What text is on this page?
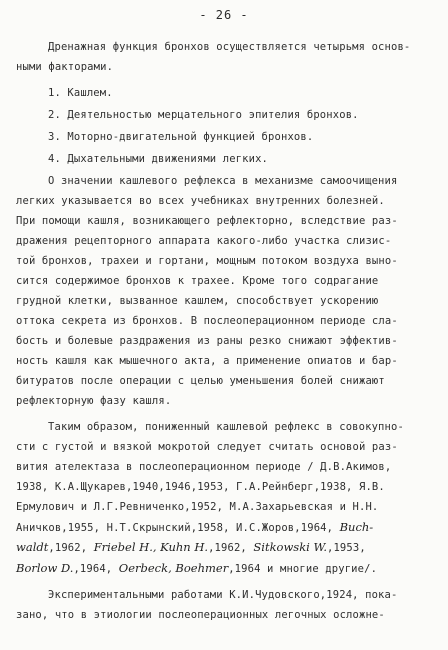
- 26 -
Дренажная функция бронхов осуществляется четырьмя основ-
ными факторами.
1. Кашлем.
2. Деятельностью мерцательного эпителия бронхов.
3. Моторно-двигательной функцией бронхов.
4. Дыхательными движениями легких.
О значении кашлевого рефлекса в механизме самоочищения
легких указывается во всех учебниках внутренних болезней.
При помощи кашля, возникающего рефлекторно, вследствие раз-
дражения рецепторного аппарата какого-либо участка слизис-
той бронхов, трахеи и гортани, мощным потоком воздуха выно-
сится содержимое бронхов к трахее. Кроме того содрагание
грудной клетки, вызванное кашлем, способствует ускорению
оттока секрета из бронхов. В послеоперационном периоде сла-
бость и болевые раздражения из раны резко снижают эффектив-
ность кашля как мышечного акта, а применение опиатов и бар-
битуратов после операции с целью уменьшения болей снижают
рефлекторную фазу кашля.
Таким образом, пониженный кашлевой рефлекс в совокупно-
сти с густой и вязкой мокротой следует считать основой раз-
вития ателектаза в послеоперационном периоде / Д.В.Акимов,
1938, К.А.Щукарев,1940,1946,1953, Г.А.Рейнберг,1938, Я.В.
Ермулович и Л.Г.Ревниченко,1952, М.А.Захарьевская и Н.Н.
Аничков,1955, Н.Т.Скрынский,1958, И.С.Жоров,1964, Buch-
waldt,1962, Friebel H., Kuhn H.,1962, Sitkowski W.,1953,
Borlow D.,1964, Oerbeck, Boehmer,1964 и многие другие/.
Экспериментальными работами К.И.Чудовского,1924, пока-
зано, что в этиологии послеоперационных легочных осложне-
